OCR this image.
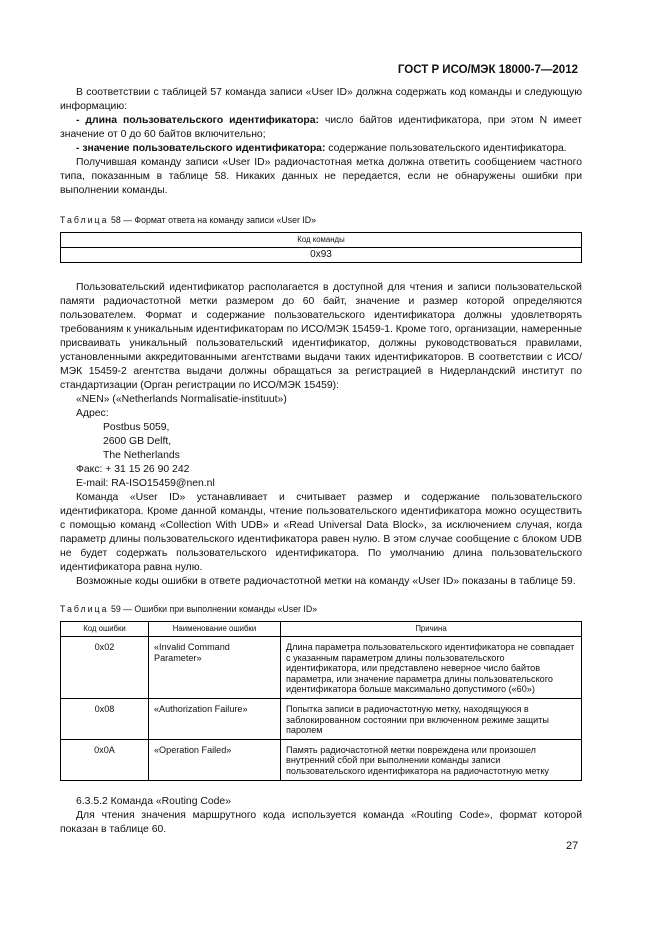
ГОСТ Р ИСО/МЭК 18000-7—2012

В соответствии с таблицей 57 команда записи «User ID» должна содержать код команды и следующую информацию:

- длина пользовательского идентификатора: число байтов идентификатора, при этом N имеет значение от 0 до 60 байтов включительно;

- значение пользовательского идентификатора: содержание пользовательского идентификатора.

Получившая команду записи «User ID» радиочастотная метка должна ответить сообщением частного типа, показанным в таблице 58. Никаких данных не передается, если не обнаружены ошибки при выполнении команды.

Таблица 58 — Формат ответа на команду записи «User ID»

Код команды
0x93

Пользовательский идентификатор располагается в доступной для чтения и записи пользовательской памяти радиочастотной метки размером до 60 байт, значение и размер которой определяются пользователем. Формат и содержание пользовательского идентификатора должны удовлетворять требованиям к уникальным идентификаторам по ИСО/МЭК 15459-1. Кроме того, организации, намеренные присваивать уникальный пользовательский идентификатор, должны руководствоваться правилами, установленными аккредитованными агентствами выдачи таких идентификаторов. В соответствии с ИСО/МЭК 15459-2 агентства выдачи должны обращаться за регистрацией в Нидерландский институт по стандартизации (Орган регистрации по ИСО/МЭК 15459):

«NEN» («Netherlands Normalisatie-instituut»)

Адрес:

Postbus 5059,

2600 GB Delft,

The Netherlands

Факс: + 31 15 26 90 242

E-mail: RA-ISO15459@nen.nl

Команда «User ID» устанавливает и считывает размер и содержание пользовательского идентификатора. Кроме данной команды, чтение пользовательского идентификатора можно осуществить с помощью команд «Collection With UDB» и «Read Universal Data Block», за исключением случая, когда параметр длины пользовательского идентификатора равен нулю. В этом случае сообщение с блоком UDB не будет содержать пользовательского идентификатора. По умолчанию длина пользовательского идентификатора равна нулю.

Возможные коды ошибки в ответе радиочастотной метки на команду «User ID» показаны в таблице 59.

Таблица 59 — Ошибки при выполнении команды «User ID»

Код ошибки	Наименование ошибки	Причина
0x02	«Invalid Command Parameter»	Длина параметра пользовательского идентификатора не совпадает с указанным параметром длины пользовательского идентификатора, или представлено неверное число байтов параметра, или значение параметра длины пользовательского идентификатора больше максимально допустимого («60»)
0x08	«Authorization Failure»	Попытка записи в радиочастотную метку, находящуюся в заблокированном состоянии при включенном режиме защиты паролем
0x0A	«Operation Failed»	Память радиочастотной метки повреждена или произошел внутренний сбой при выполнении команды записи пользовательского идентификатора на радиочастотную метку

6.3.5.2 Команда «Routing Code»

Для чтения значения маршрутного кода используется команда «Routing Code», формат которой показан в таблице 60.

27
